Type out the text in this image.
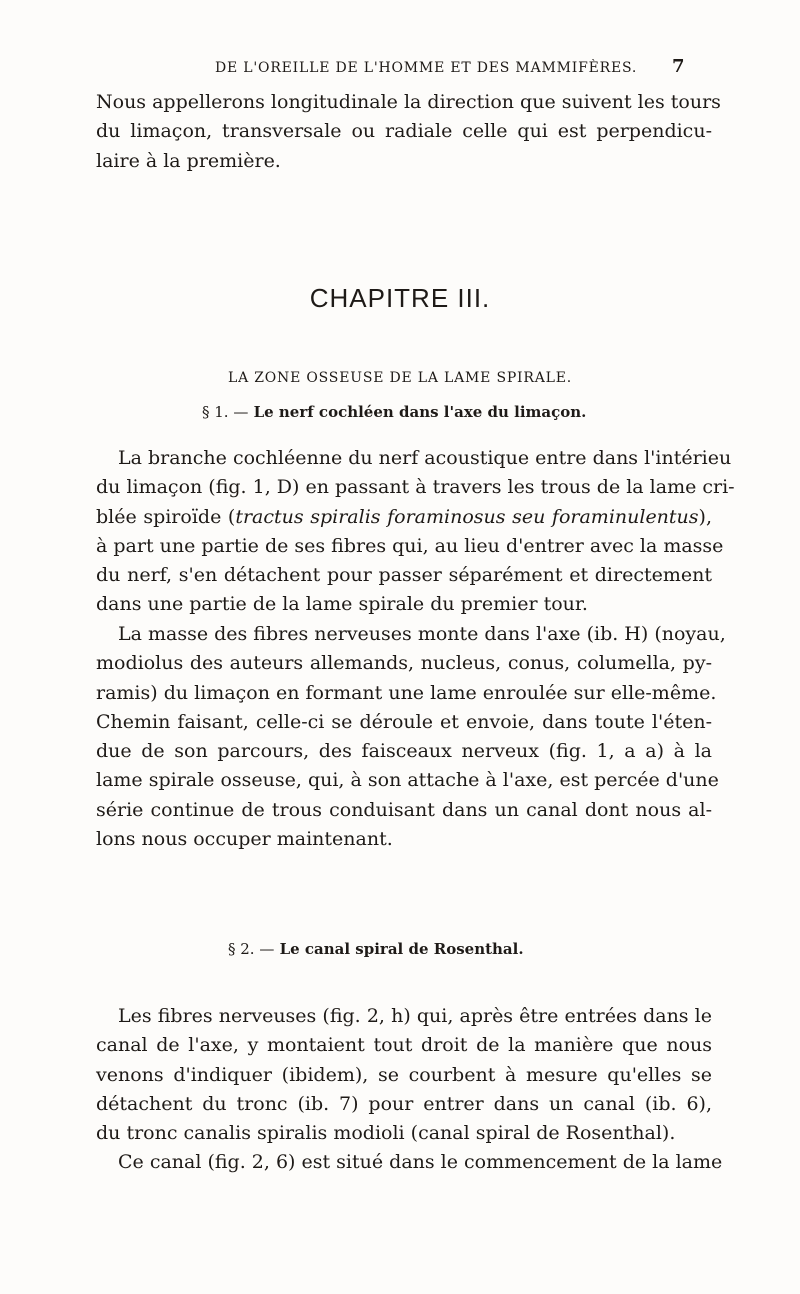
DE L'OREILLE DE L'HOMME ET DES MAMMIFÈRES. 7

Nous appellerons longitudinale la direction que suivent les tours
du limaçon, transversale ou radiale celle qui est perpendicu-
laire à la première.

CHAPITRE III.
LA ZONE OSSEUSE DE LA LAME SPIRALE.
§ 1. — Le nerf cochléen dans l'axe du limaçon.

La branche cochléenne du nerf acoustique entre dans l'intérieu
du limaçon (fig. 1, D) en passant à travers les trous de la lame cri-
blée spiroïde (tractus spiralis foraminosus seu foraminulentus),
à part une partie de ses fibres qui, au lieu d'entrer avec la masse
du nerf, s'en détachent pour passer séparément et directement
dans une partie de la lame spirale du premier tour.

La masse des fibres nerveuses monte dans l'axe (ib. H) (noyau,
modiolus des auteurs allemands, nucleus, conus, columella, py-
ramis) du limaçon en formant une lame enroulée sur elle-même.
Chemin faisant, celle-ci se déroule et envoie, dans toute l'éten-
due de son parcours, des faisceaux nerveux (fig. 1, a a) à la
lame spirale osseuse, qui, à son attache à l'axe, est percée d'une
série continue de trous conduisant dans un canal dont nous al-
lons nous occuper maintenant.

§ 2. — Le canal spiral de Rosenthal.

Les fibres nerveuses (fig. 2, h) qui, après être entrées dans le
canal de l'axe, y montaient tout droit de la manière que nous
venons d'indiquer (ibidem), se courbent à mesure qu'elles se
détachent du tronc (ib. 7) pour entrer dans un canal (ib. 6),
du tronc canalis spiralis modioli (canal spiral de Rosenthal).

Ce canal (fig. 2, 6) est situé dans le commencement de la lame
